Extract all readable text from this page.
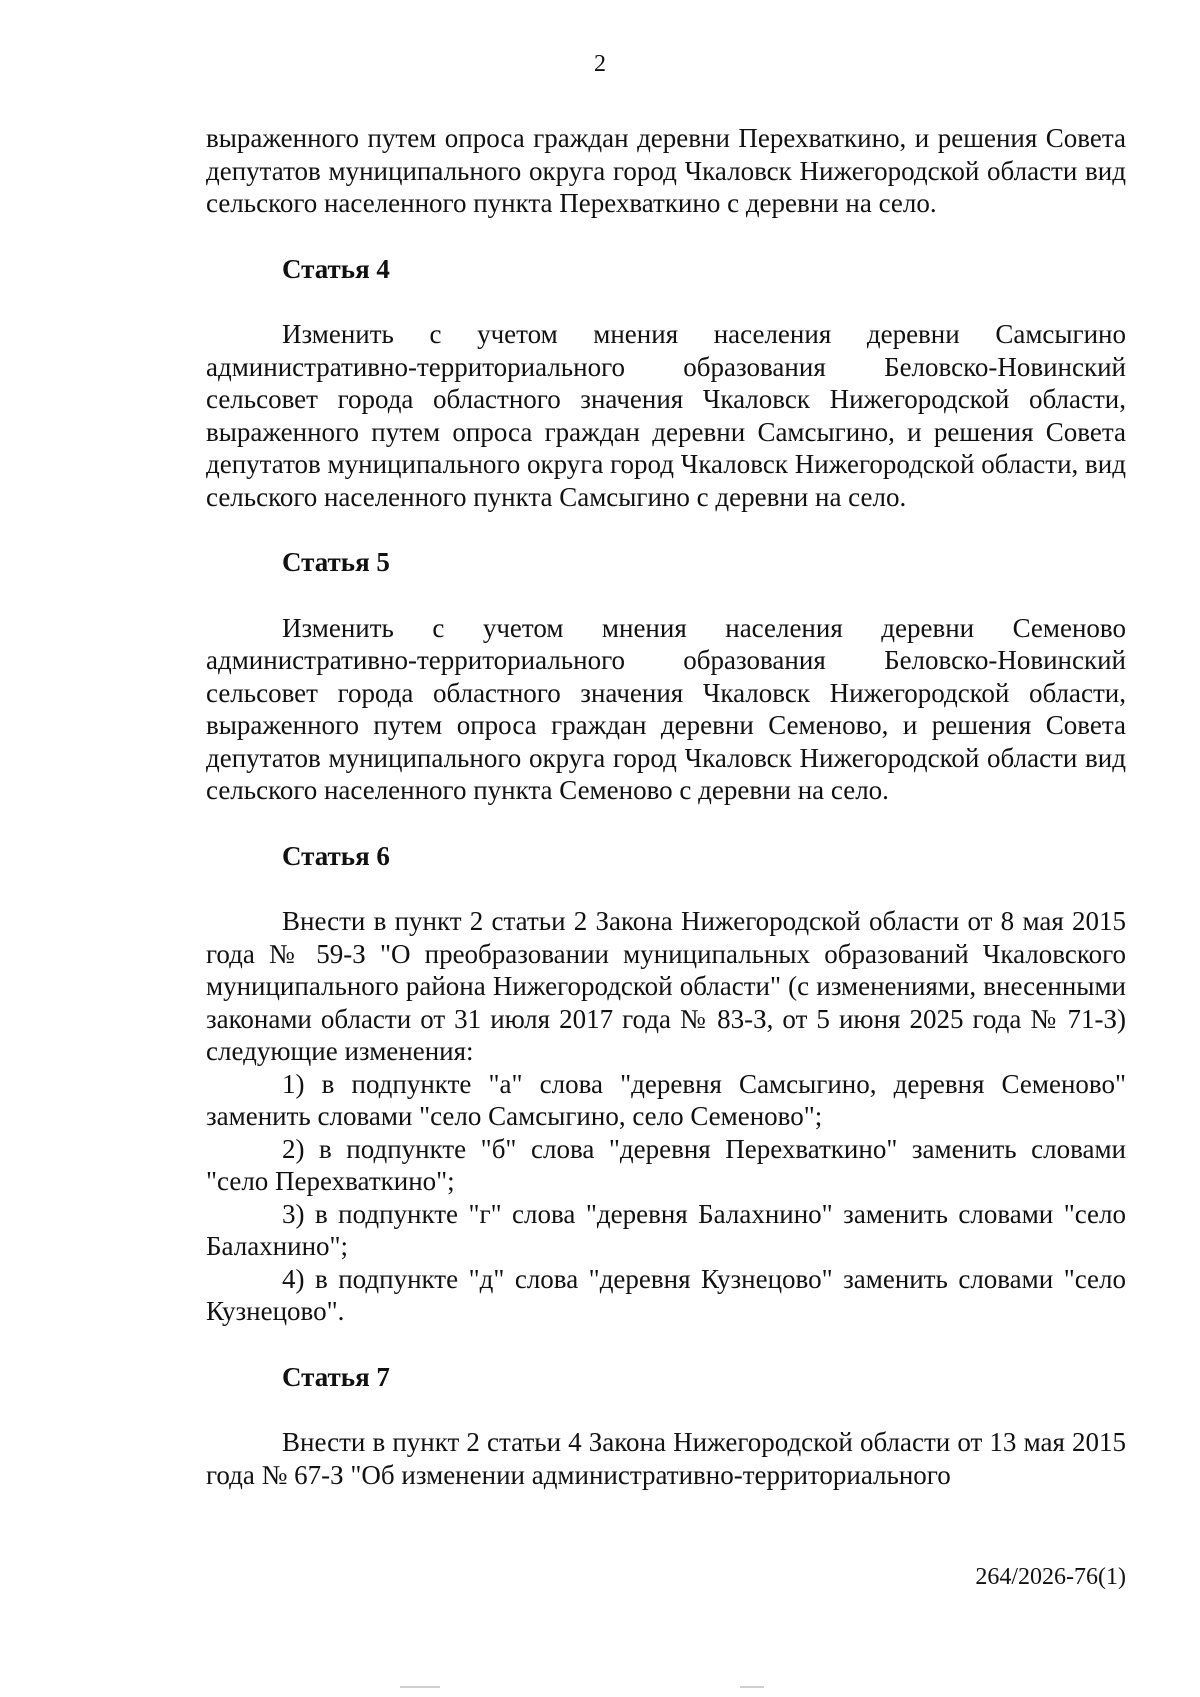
2

выраженного путем опроса граждан деревни Перехваткино, и решения Совета депутатов муниципального округа город Чкаловск Нижегородской области вид сельского населенного пункта Перехваткино с деревни на село.

Статья 4

Изменить с учетом мнения населения деревни Самсыгино административно-территориального образования Беловско-Новинский сельсовет города областного значения Чкаловск Нижегородской области, выраженного путем опроса граждан деревни Самсыгино, и решения Совета депутатов муниципального округа город Чкаловск Нижегородской области, вид сельского населенного пункта Самсыгино с деревни на село.

Статья 5

Изменить с учетом мнения населения деревни Семеново административно-территориального образования Беловско-Новинский сельсовет города областного значения Чкаловск Нижегородской области, выраженного путем опроса граждан деревни Семеново, и решения Совета депутатов муниципального округа город Чкаловск Нижегородской области вид сельского населенного пункта Семеново с деревни на село.

Статья 6

Внести в пункт 2 статьи 2 Закона Нижегородской области от 8 мая 2015 года № 59-З "О преобразовании муниципальных образований Чкаловского муниципального района Нижегородской области" (с изменениями, внесенными законами области от 31 июля 2017 года № 83-З, от 5 июня 2025 года № 71-З) следующие изменения:

1) в подпункте "а" слова "деревня Самсыгино, деревня Семеново" заменить словами "село Самсыгино, село Семеново";

2) в подпункте "б" слова "деревня Перехваткино" заменить словами "село Перехваткино";

3) в подпункте "г" слова "деревня Балахнино" заменить словами "село Балахнино";

4) в подпункте "д" слова "деревня Кузнецово" заменить словами "село Кузнецово".

Статья 7

Внести в пункт 2 статьи 4 Закона Нижегородской области от 13 мая 2015 года № 67-З "Об изменении административно-территориального

264/2026-76(1)
